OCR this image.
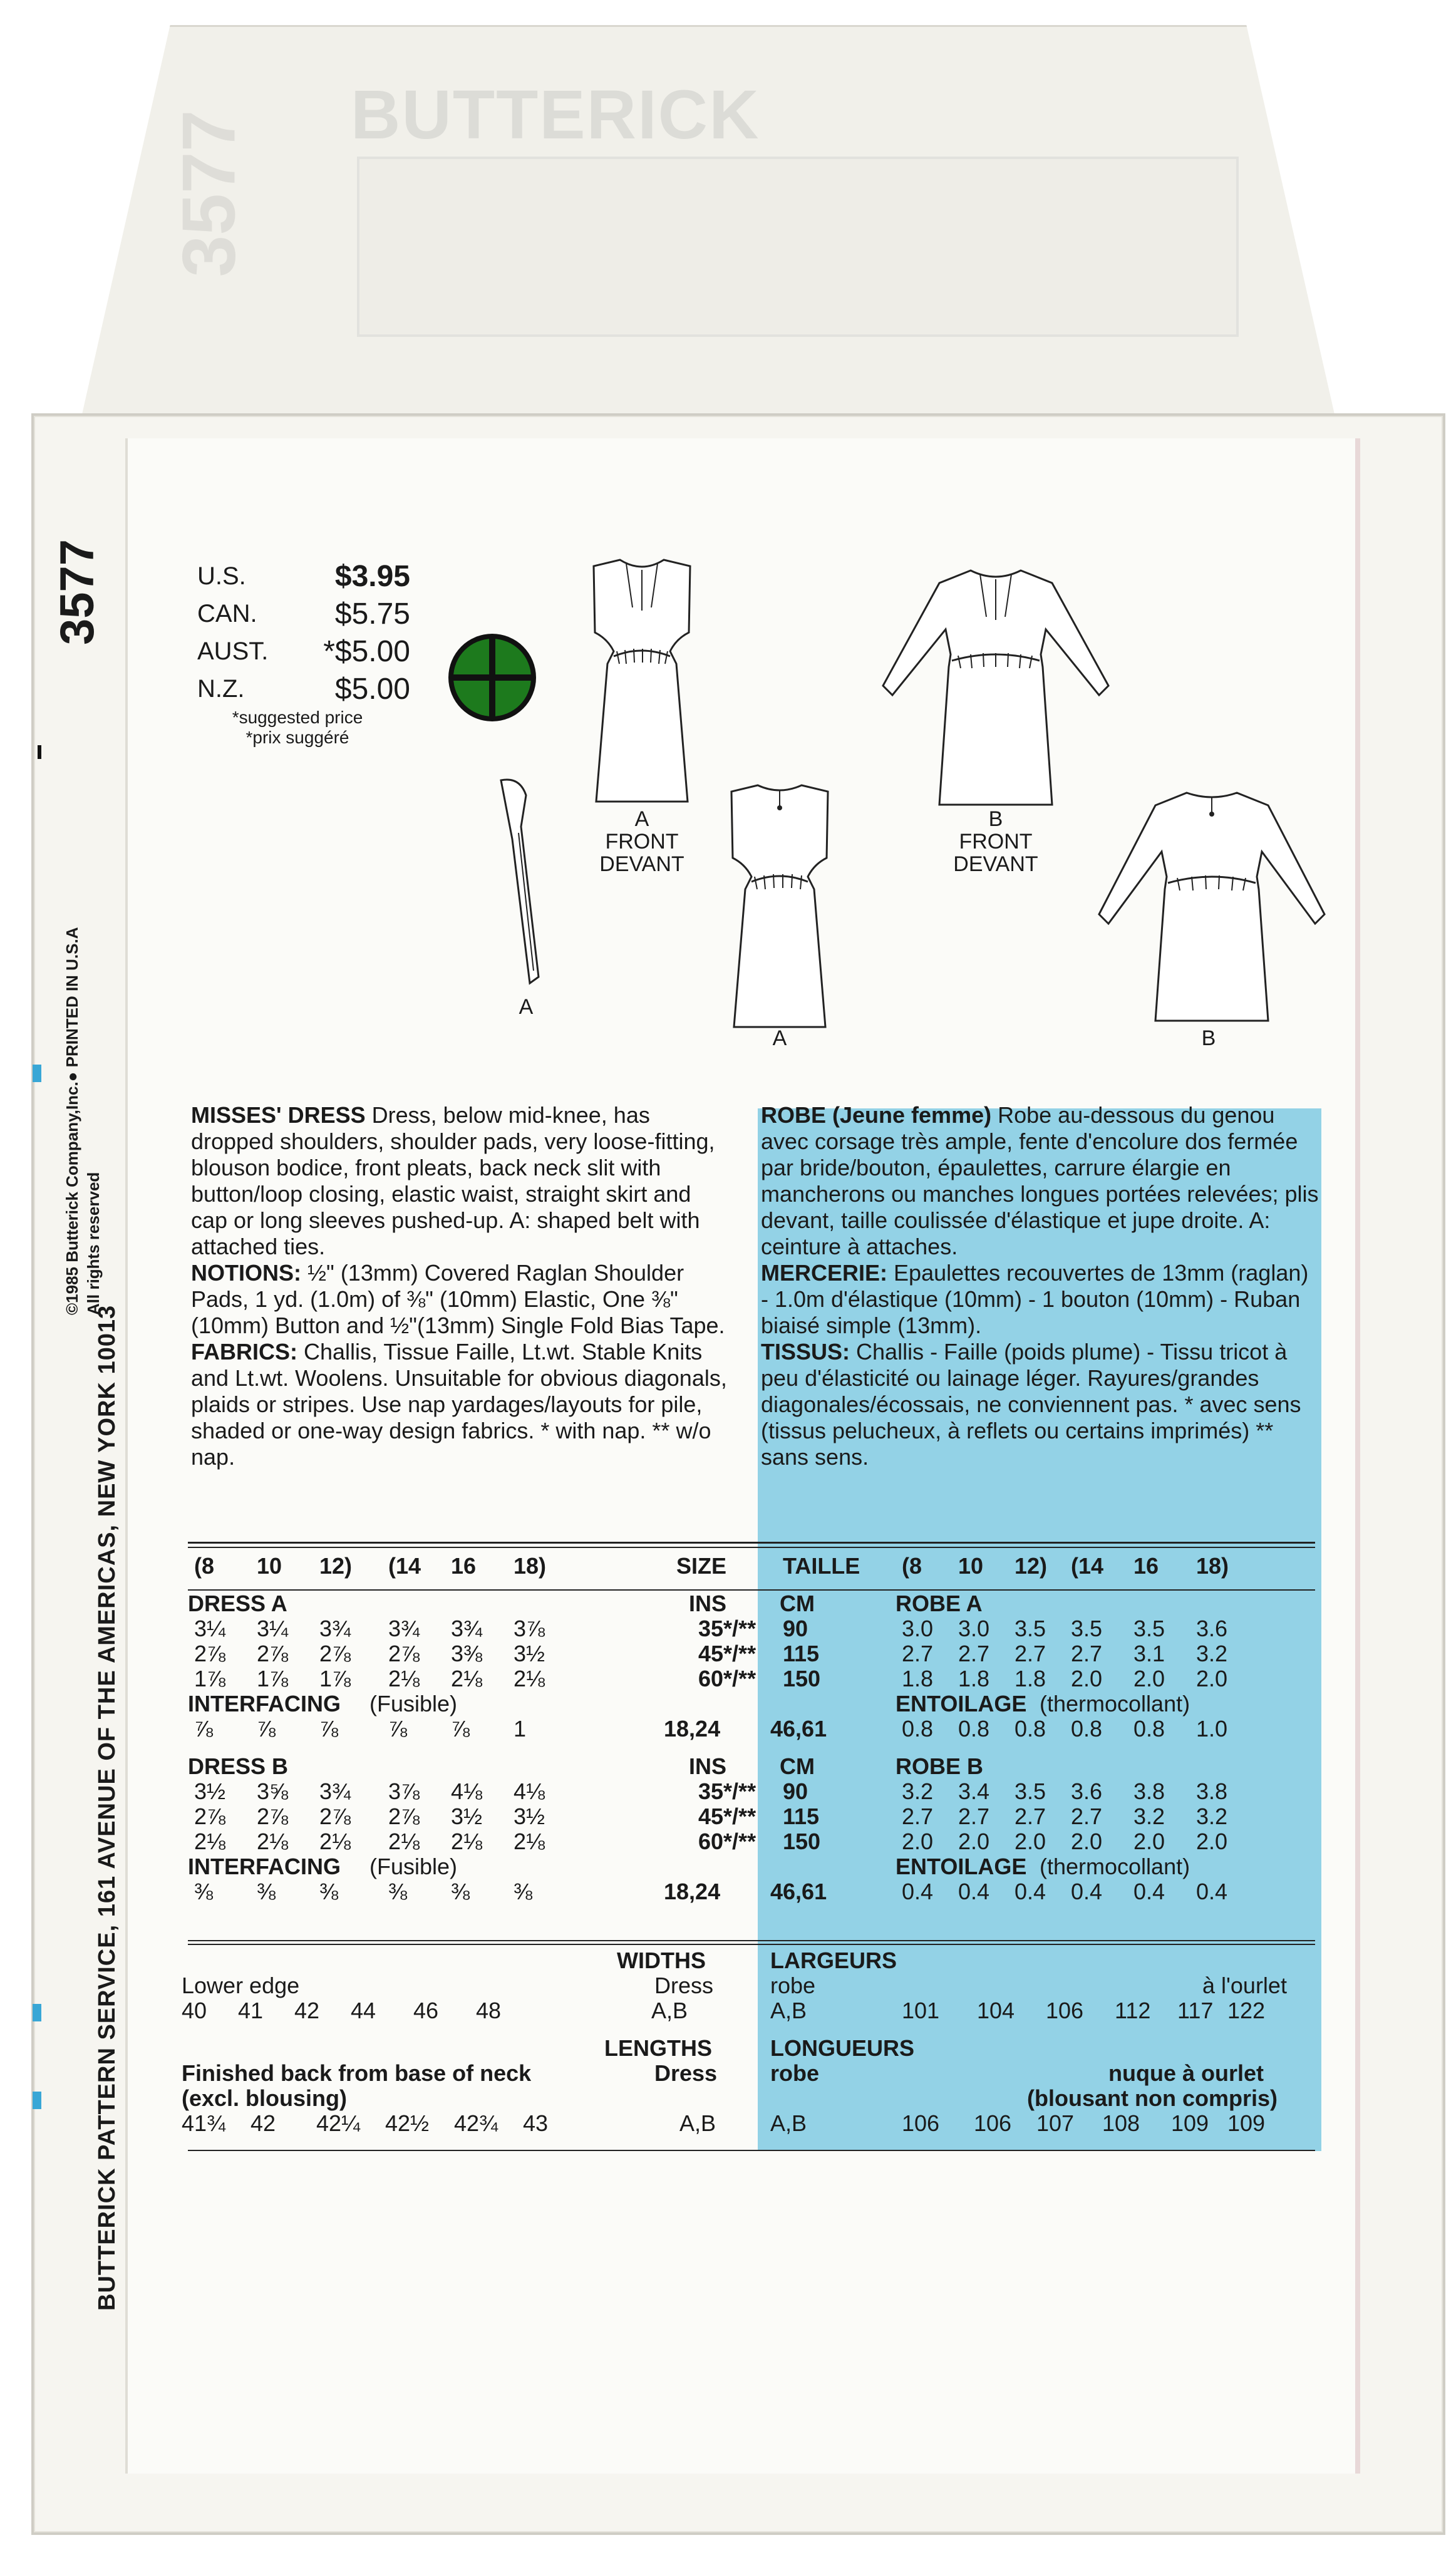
BUTTERICK
3577
3577
©1985 Butterick Company,Inc.● PRINTED IN U.S.A All rights reserved
BUTTERICK PATTERN SERVICE, 161 AVENUE OF THE AMERICAS, NEW YORK 10013
U.S.	$3.95
CAN.	$5.75
AUST. *$5.00
N.Z.	$5.00
*suggested price
*prix suggéré
A
FRONT
DEVANT
A
A
B
FRONT
DEVANT
B
MISSES' DRESS Dress, below mid-knee, has dropped shoulders, shoulder pads, very loose-fitting, blouson bodice, front pleats, back neck slit with button/loop closing, elastic waist, straight skirt and cap or long sleeves pushed-up. A: shaped belt with attached ties.
NOTIONS: ½" (13mm) Covered Raglan Shoulder Pads, 1 yd. (1.0m) of ⅜" (10mm) Elastic, One ⅜" (10mm) Button and ½"(13mm) Single Fold Bias Tape.
FABRICS: Challis, Tissue Faille, Lt.wt. Stable Knits and Lt.wt. Woolens. Unsuitable for obvious diagonals, plaids or stripes. Use nap yardages/layouts for pile, shaded or one-way design fabrics. * with nap. ** w/o nap.
ROBE (Jeune femme) Robe au-dessous du genou avec corsage très ample, fente d'encolure dos fermée par bride/bouton, épaulettes, carrure élargie en mancherons ou manches longues portées relevées; plis devant, taille coulissée d'élastique et jupe droite. A: ceinture à attaches.
MERCERIE: Epaulettes recouvertes de 13mm (raglan) - 1.0m d'élastique (10mm) - 1 bouton (10mm) - Ruban biaisé simple (13mm).
TISSUS: Challis - Faille (poids plume) - Tissu tricot à peu d'élasticité ou lainage léger. Rayures/grandes diagonales/écossais, ne conviennent pas. * avec sens (tissus pelucheux, à reflets ou certains imprimés) ** sans sens.
(8 10 12) (14 16 18)	SIZE TAILLE (8 10 12) (14 16 18)
DRESS A	INS CM	ROBE A
3¼ 3¼ 3¾ 3¾ 3¾ 3⅞	35*/** 90	3.0 3.0 3.5 3.5 3.5 3.6
2⅞ 2⅞ 2⅞ 2⅞ 3⅜ 3½	45*/** 115	2.7 2.7 2.7 2.7 3.1 3.2
1⅞ 1⅞ 1⅞ 2⅛ 2⅛ 2⅛	60*/** 150	1.8 1.8 1.8 2.0 2.0 2.0
INTERFACING (Fusible)	ENTOILAGE (thermocollant)
⅞ ⅞ ⅞ ⅞ ⅞ 1	18,24 46,61	0.8 0.8 0.8 0.8 0.8 1.0
DRESS B	INS CM	ROBE B
3½ 3⅝ 3¾ 3⅞ 4⅛ 4⅛	35*/** 90	3.2 3.4 3.5 3.6 3.8 3.8
2⅞ 2⅞ 2⅞ 2⅞ 3½ 3½	45*/** 115	2.7 2.7 2.7 2.7 3.2 3.2
2⅛ 2⅛ 2⅛ 2⅛ 2⅛ 2⅛	60*/** 150	2.0 2.0 2.0 2.0 2.0 2.0
INTERFACING (Fusible)	ENTOILAGE (thermocollant)
⅜ ⅜ ⅜ ⅜ ⅜ ⅜	18,24 46,61	0.4 0.4 0.4 0.4 0.4 0.4
WIDTHS	LARGEURS
Lower edge	Dress	robe	à l'ourlet
40 41 42 44 46 48	A,B	A,B	101 104 106 112 117 122
LENGTHS	LONGUEURS
Finished back from base of neck	Dress robe	nuque à ourlet
(excl. blousing)	(blousant non compris)
41¾ 42 42¼ 42½ 42¾ 43	A,B A,B	106 106 107 108 109 109
